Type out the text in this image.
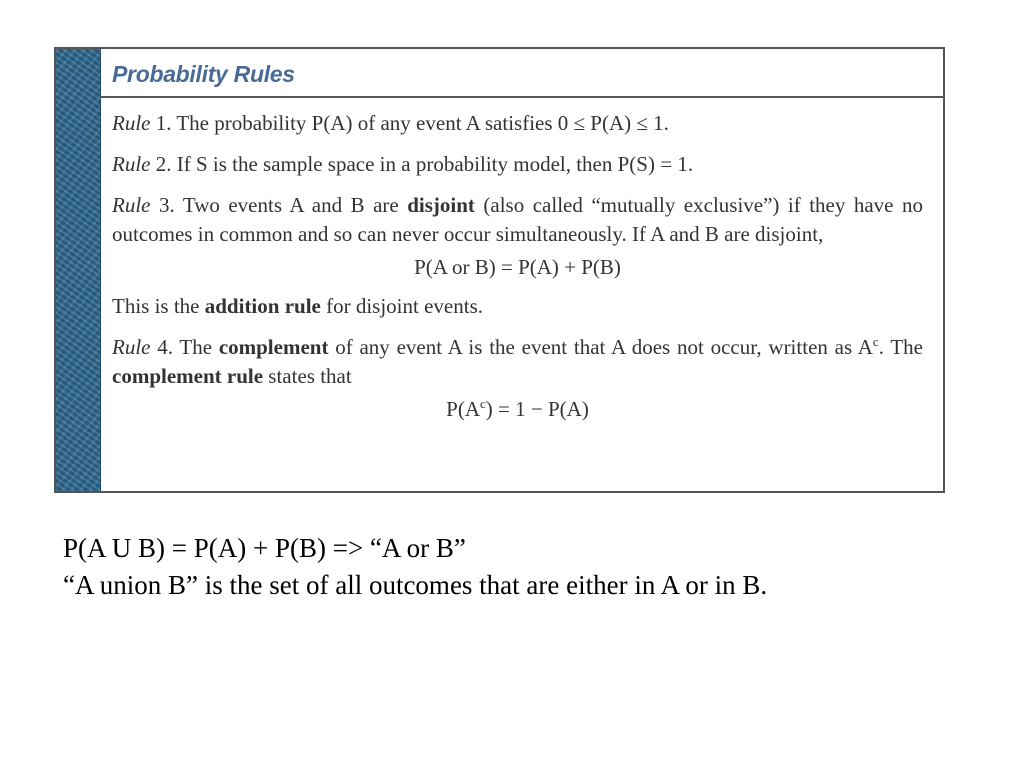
Probability Rules

Rule 1. The probability P(A) of any event A satisfies 0 ≤ P(A) ≤ 1.

Rule 2. If S is the sample space in a probability model, then P(S) = 1.

Rule 3. Two events A and B are disjoint (also called “mutually exclusive”) if they have no outcomes in common and so can never occur simultaneously. If A and B are disjoint,

P(A or B) = P(A) + P(B)

This is the addition rule for disjoint events.

Rule 4. The complement of any event A is the event that A does not occur, written as $A^c$. The complement rule states that

$P(A^c) = 1 - P(A)$
P(A U B) = P(A) + P(B) => “A or B”
“A union B” is the set of all outcomes that are either in A or in B.
